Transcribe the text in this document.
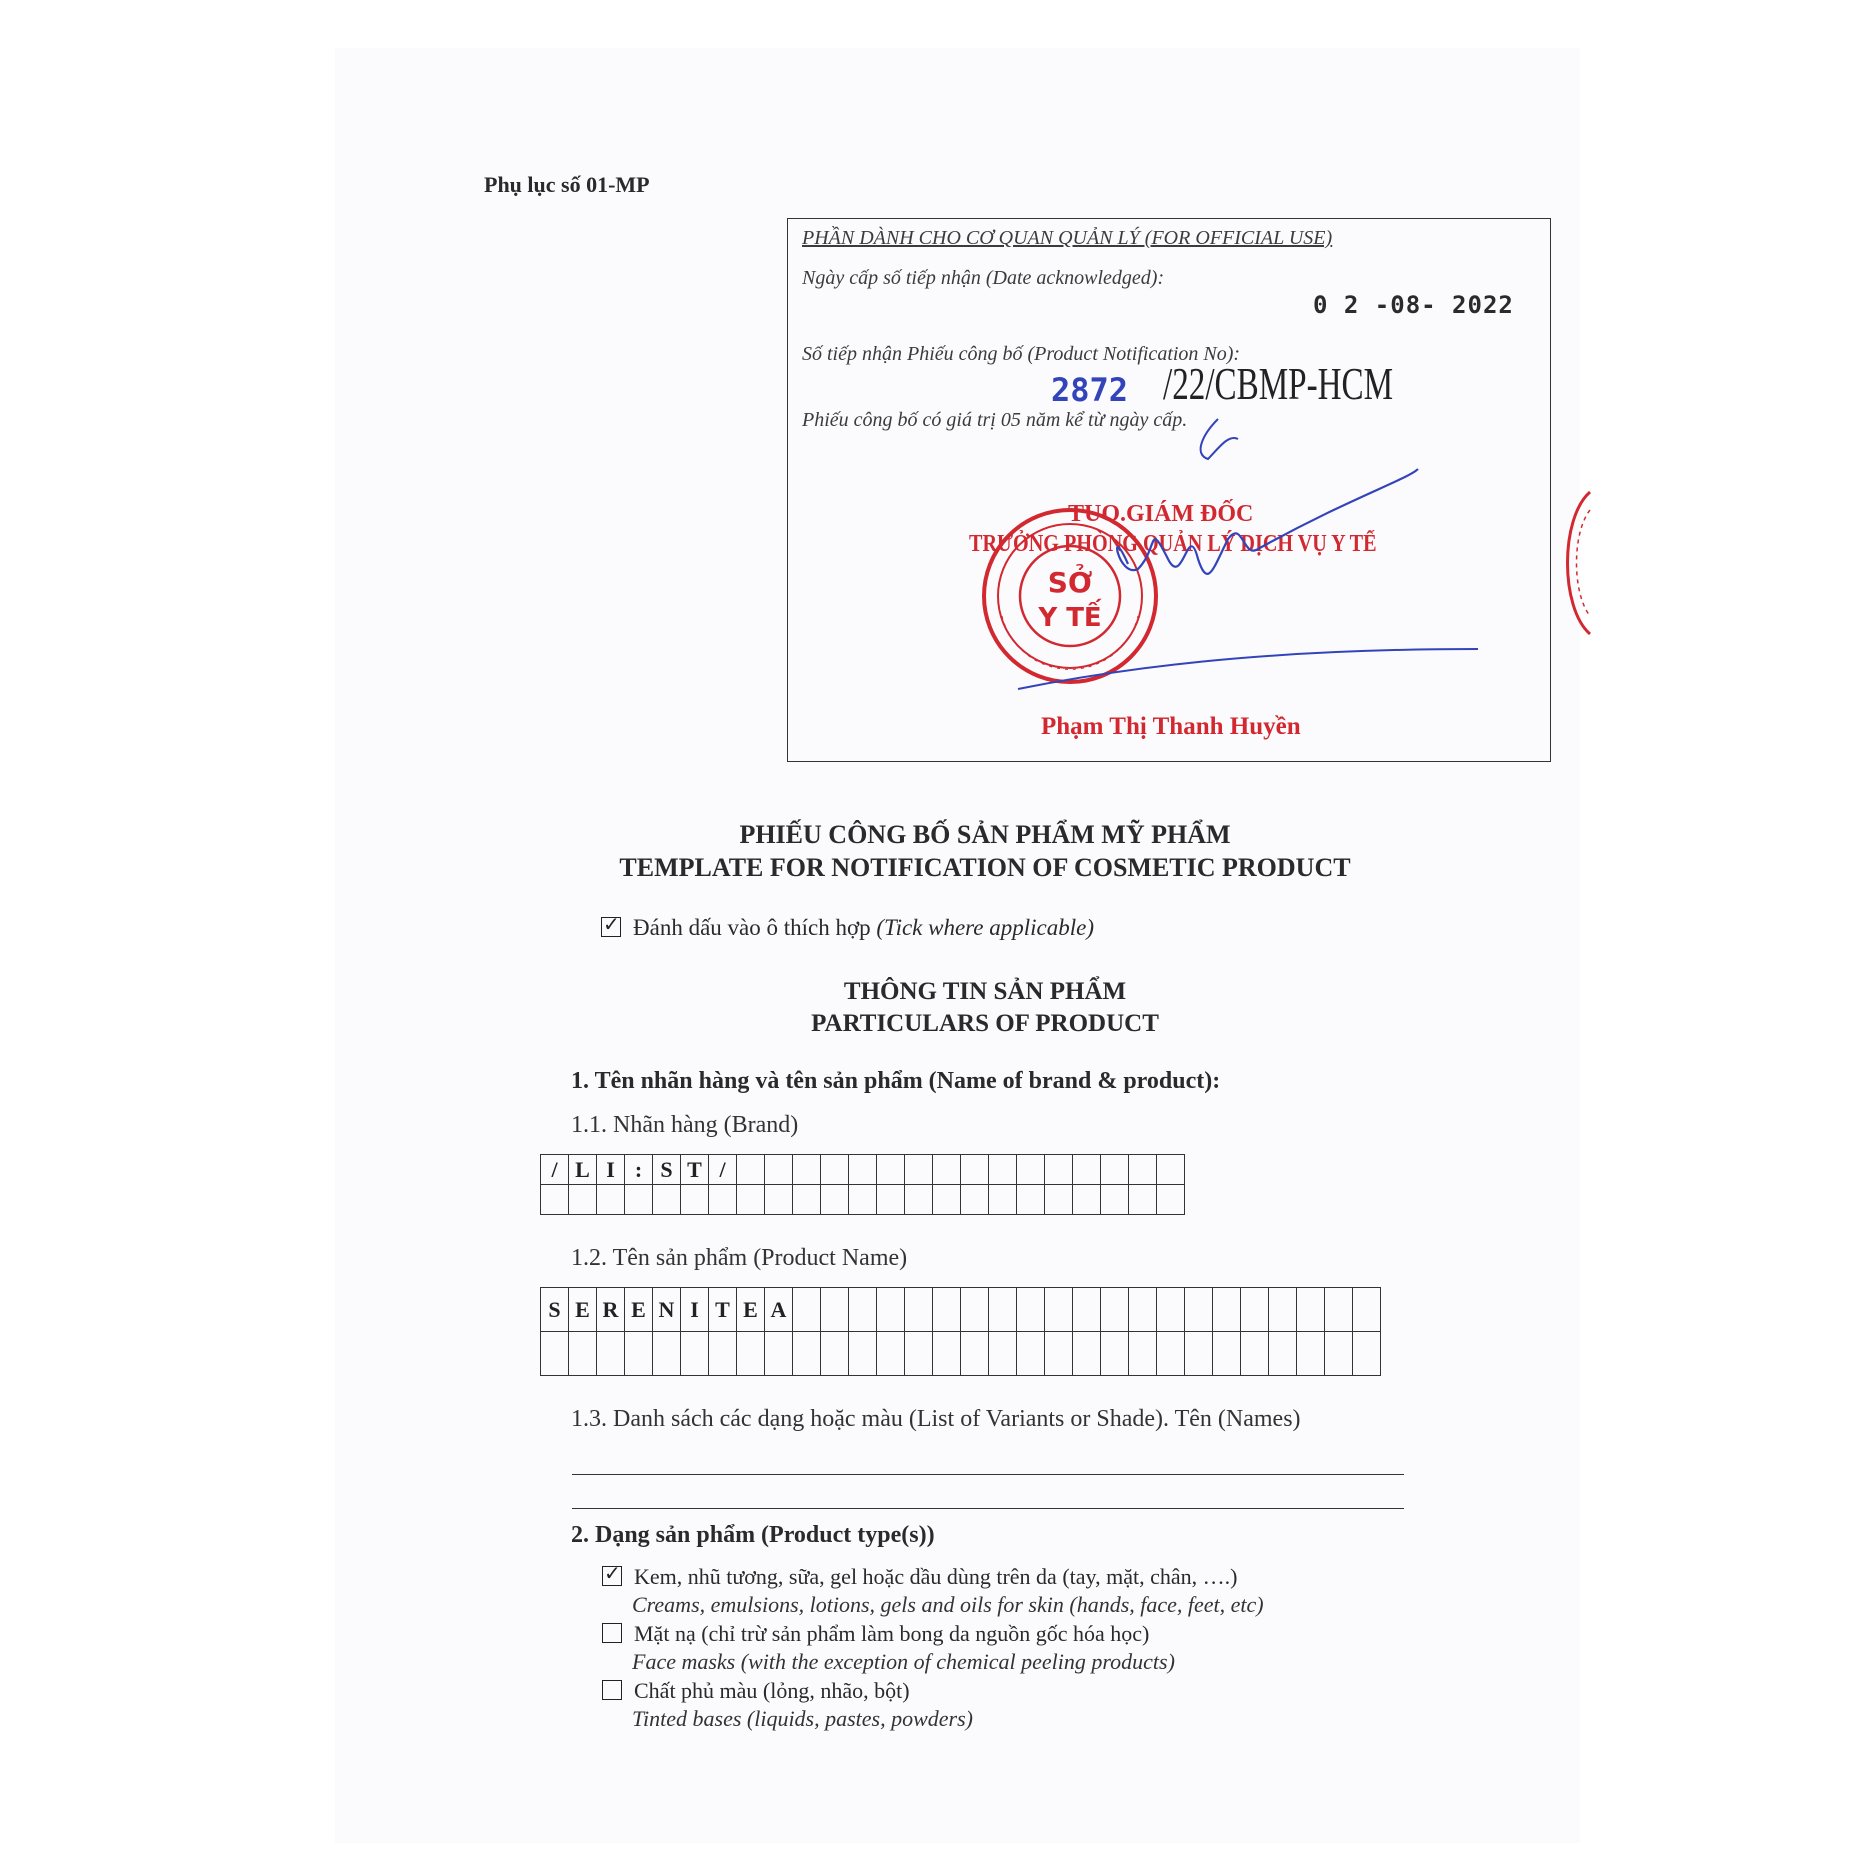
Phụ lục số 01-MP
PHẦN DÀNH CHO CƠ QUAN QUẢN LÝ (FOR OFFICIAL USE)
Ngày cấp số tiếp nhận (Date acknowledged):
0 2 -08- 2022
Số tiếp nhận Phiếu công bố (Product Notification No):
2872 /22/CBMP-HCM
Phiếu công bố có giá trị 05 năm kể từ ngày cấp.
SỞ
Y TẾ
TUQ.GIÁM ĐỐC
TRƯỞNG PHÒNG QUẢN LÝ DỊCH VỤ Y TẾ
Phạm Thị Thanh Huyền
PHIẾU CÔNG BỐ SẢN PHẨM MỸ PHẨM
TEMPLATE FOR NOTIFICATION OF COSMETIC PRODUCT
✓Đánh dấu vào ô thích hợp (Tick where applicable)
THÔNG TIN SẢN PHẨM
PARTICULARS OF PRODUCT
1. Tên nhãn hàng và tên sản phẩm (Name of brand & product):
1.1. Nhãn hàng (Brand)
/	L	I	:	S	T	/																

1.2. Tên sản phẩm (Product Name)
S	E	R	E	N	I	T	E	A																					

1.3. Danh sách các dạng hoặc màu (List of Variants or Shade). Tên (Names)
2. Dạng sản phẩm (Product type(s))
✓Kem, nhũ tương, sữa, gel hoặc dầu dùng trên da (tay, mặt, chân, ….)
Creams, emulsions, lotions, gels and oils for skin (hands, face, feet, etc)
Mặt nạ (chỉ trừ sản phẩm làm bong da nguồn gốc hóa học)
Face masks (with the exception of chemical peeling products)
Chất phủ màu (lỏng, nhão, bột)
Tinted bases (liquids, pastes, powders)
